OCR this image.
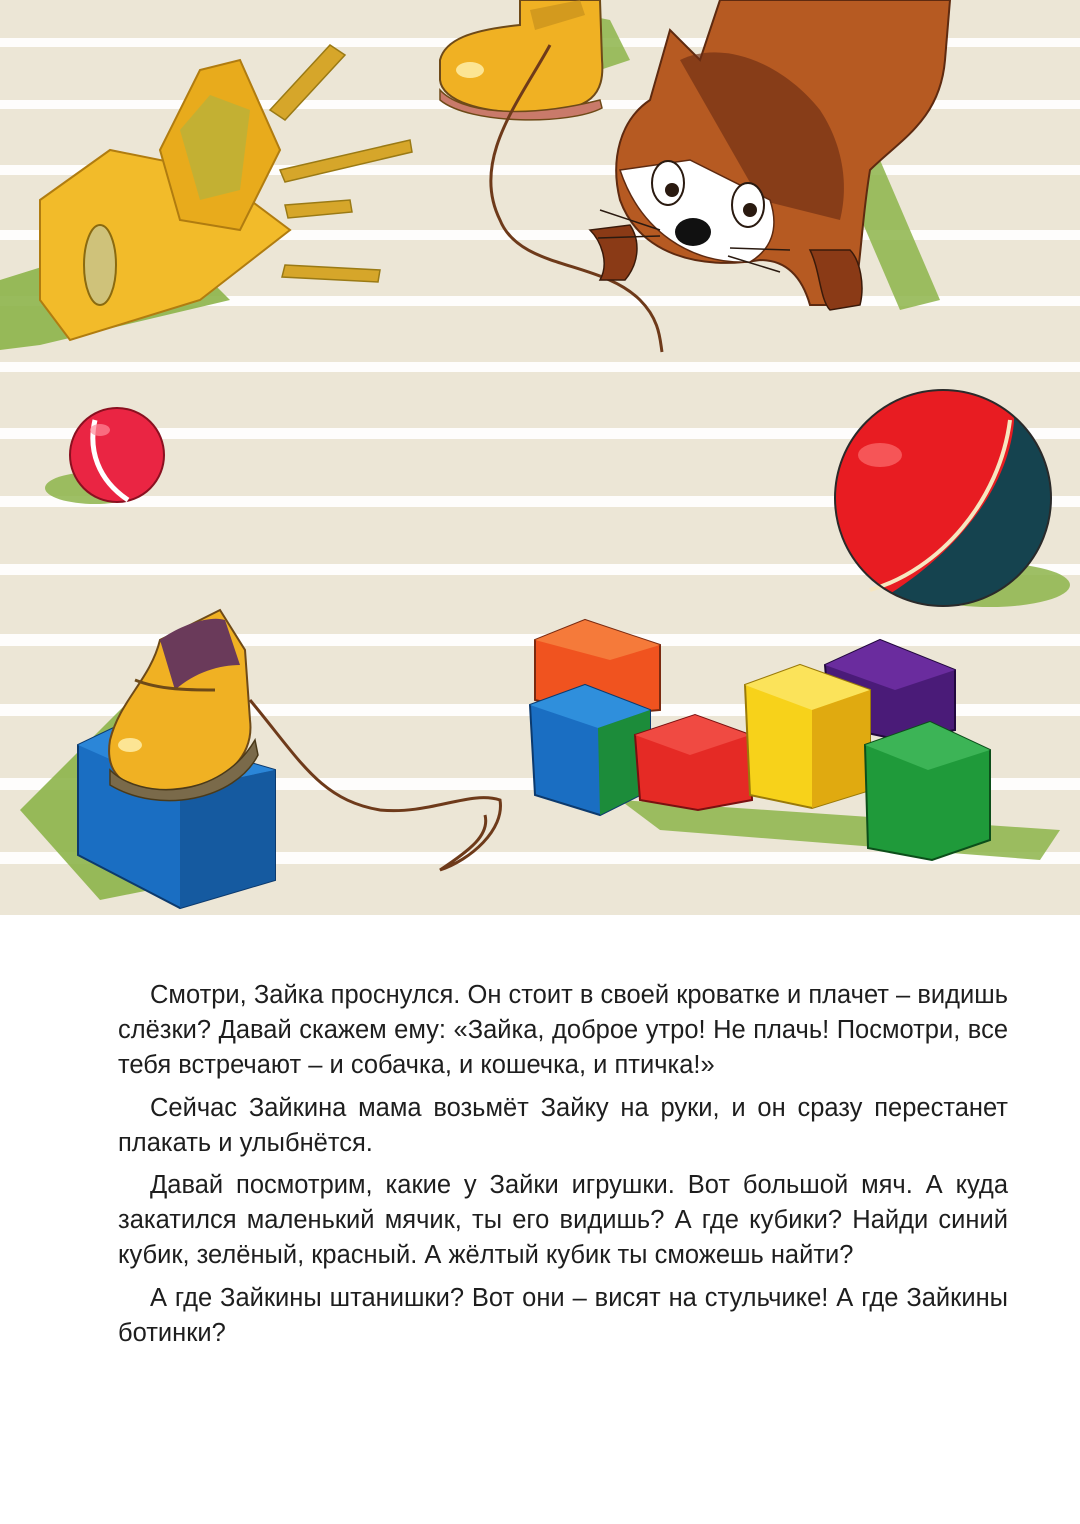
Смотри, Зайка проснулся. Он стоит в своей кроватке и плачет – видишь слёзки? Давай скажем ему: «Зайка, доброе утро! Не плачь! Посмотри, все тебя встречают – и собачка, и кошечка, и птичка!»

Сейчас Зайкина мама возьмёт Зайку на руки, и он сразу перестанет плакать и улыбнётся.

Давай посмотрим, какие у Зайки игрушки. Вот большой мяч. А куда закатился маленький мячик, ты его видишь? А где кубики? Найди синий кубик, зелёный, красный. А жёлтый кубик ты сможешь найти?

А где Зайкины штанишки? Вот они – висят на стульчике! А где Зайкины ботинки?
